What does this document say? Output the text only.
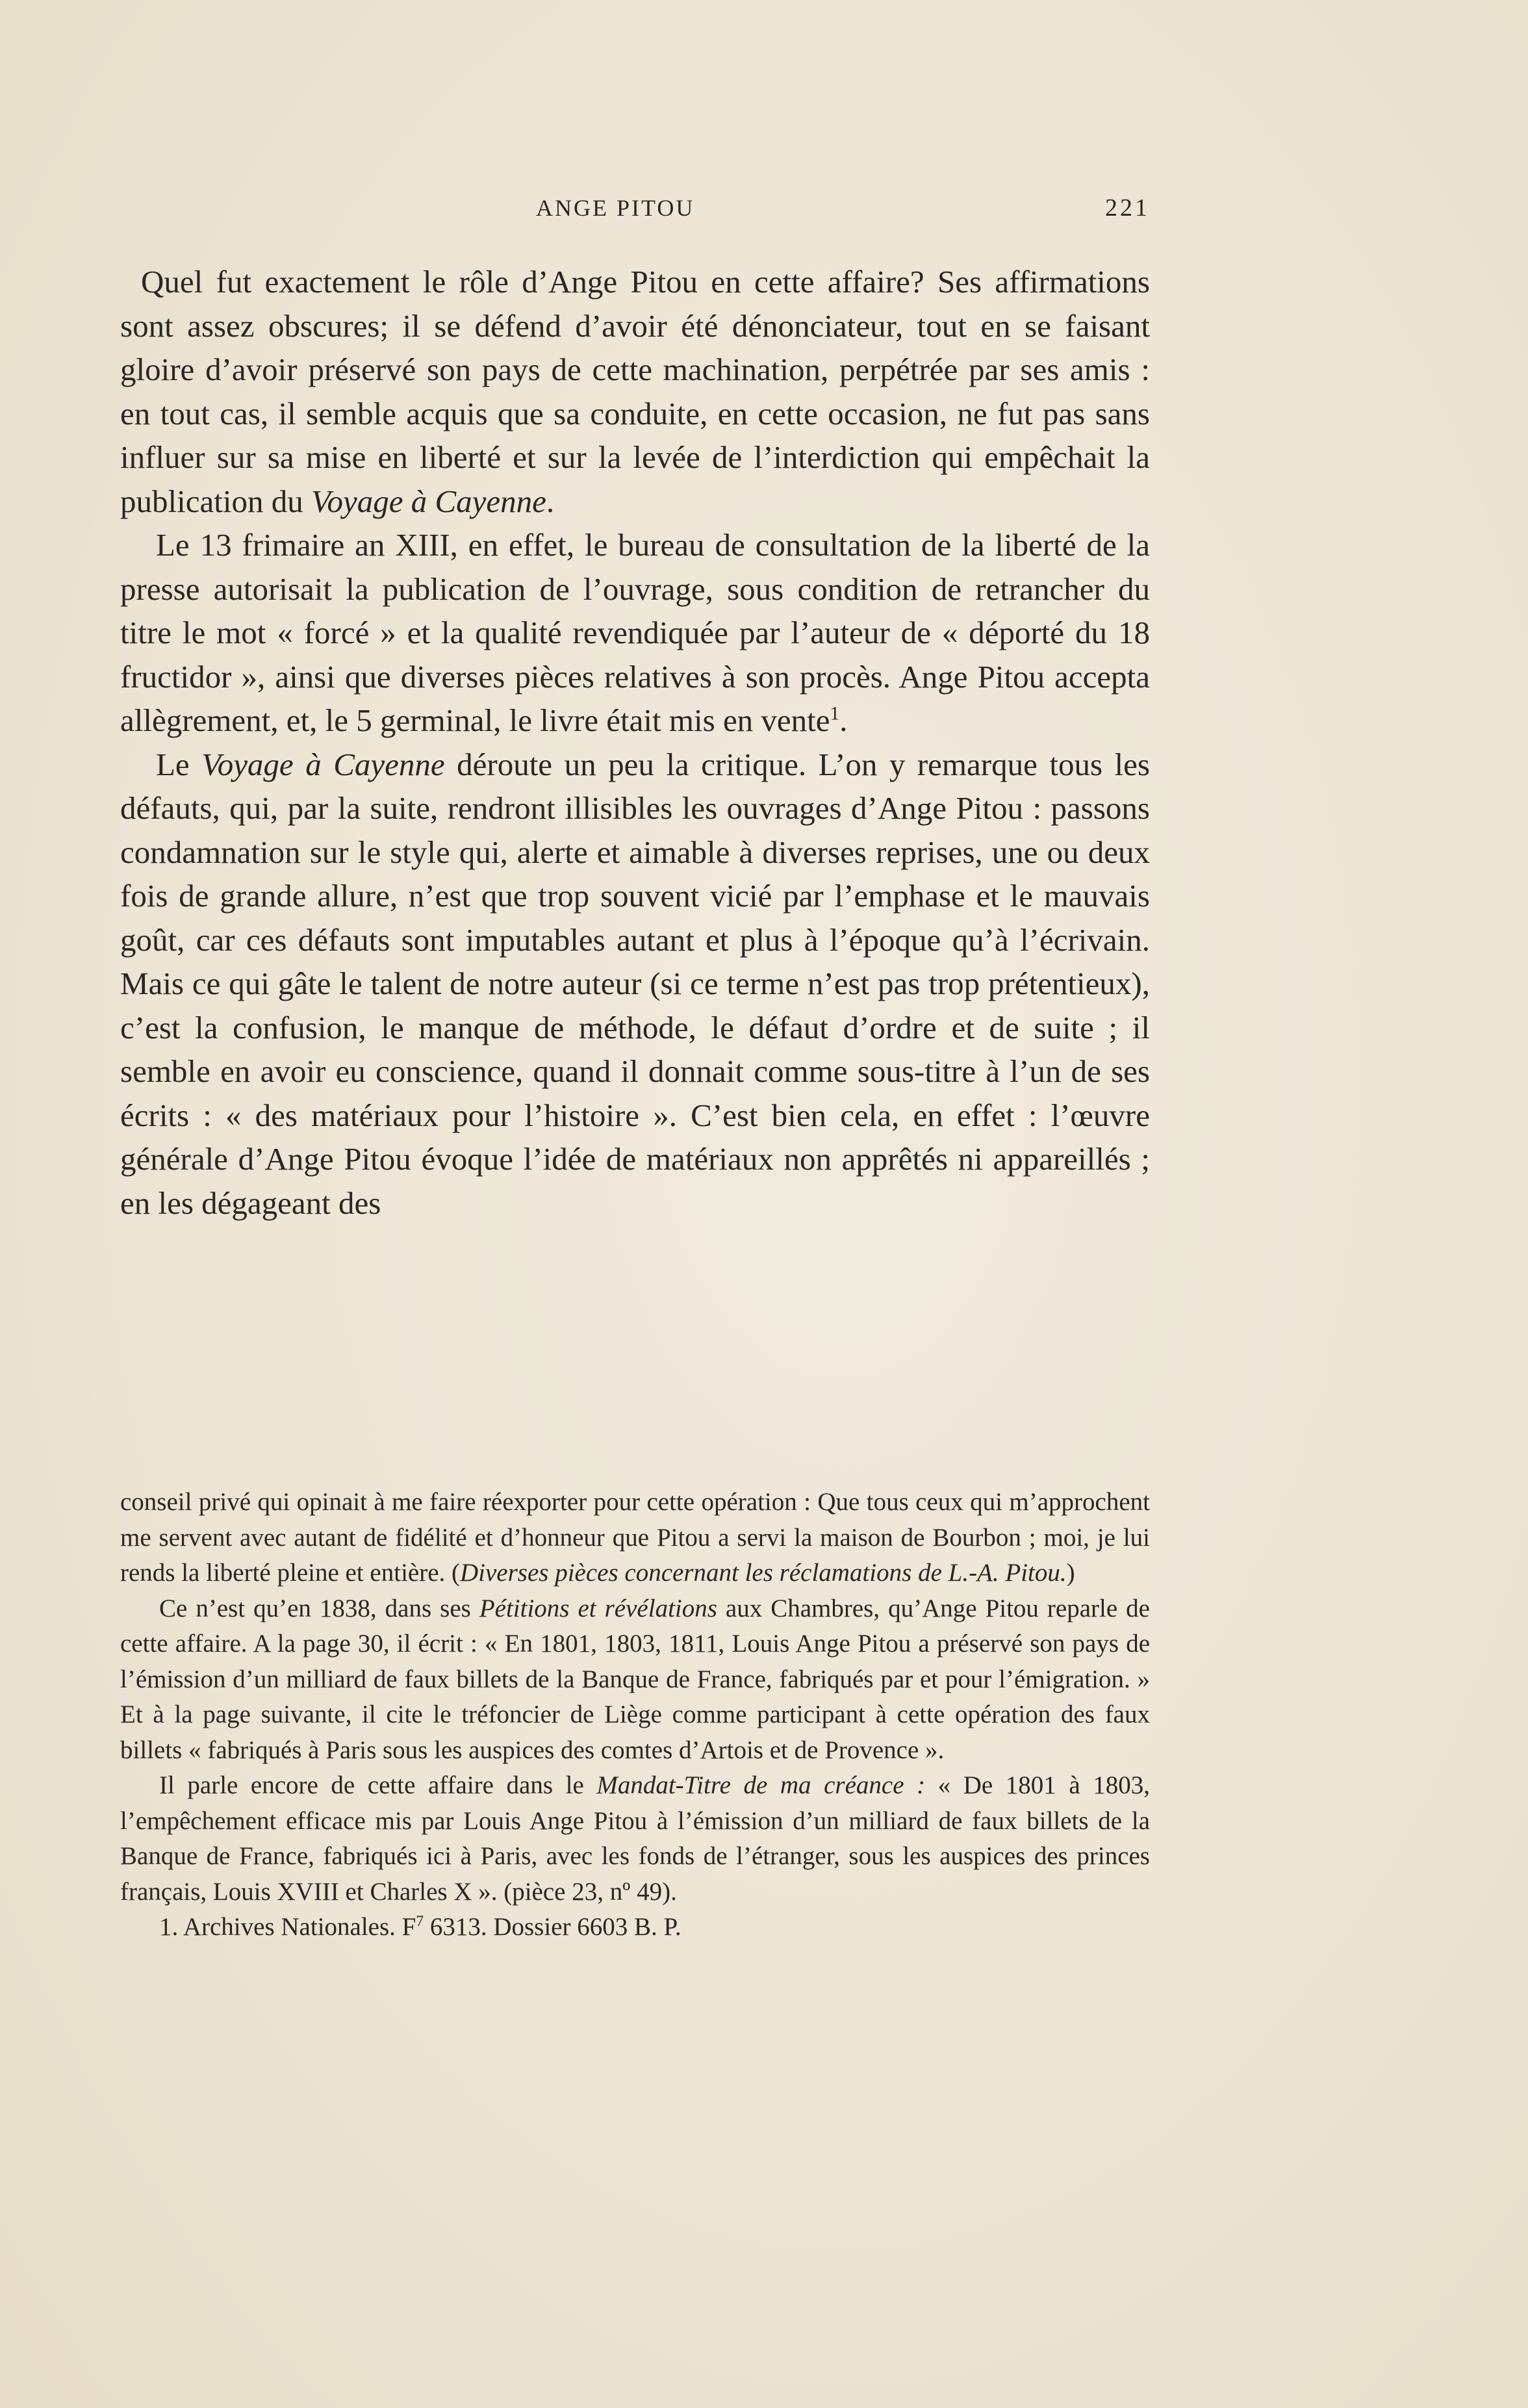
ANGE PITOU	221

Quel fut exactement le rôle d’Ange Pitou en cette affaire? Ses affirmations sont assez obscures; il se défend d’avoir été dénonciateur, tout en se faisant gloire d’avoir préservé son pays de cette machination, perpétrée par ses amis : en tout cas, il semble acquis que sa conduite, en cette occasion, ne fut pas sans influer sur sa mise en liberté et sur la levée de l’interdiction qui empêchait la publication du Voyage à Cayenne.

Le 13 frimaire an XIII, en effet, le bureau de consultation de la liberté de la presse autorisait la publication de l’ouvrage, sous condition de retrancher du titre le mot « forcé » et la qualité revendiquée par l’auteur de « déporté du 18 fructidor », ainsi que diverses pièces relatives à son procès. Ange Pitou accepta allègrement, et, le 5 germinal, le livre était mis en vente$^1$.

Le Voyage à Cayenne déroute un peu la critique. L’on y remarque tous les défauts, qui, par la suite, rendront illisibles les ouvrages d’Ange Pitou : passons condamnation sur le style qui, alerte et aimable à diverses reprises, une ou deux fois de grande allure, n’est que trop souvent vicié par l’emphase et le mauvais goût, car ces défauts sont imputables autant et plus à l’époque qu’à l’écrivain. Mais ce qui gâte le talent de notre auteur (si ce terme n’est pas trop prétentieux), c’est la confusion, le manque de méthode, le défaut d’ordre et de suite ; il semble en avoir eu conscience, quand il donnait comme sous-titre à l’un de ses écrits : « des matériaux pour l’histoire ». C’est bien cela, en effet : l’œuvre générale d’Ange Pitou évoque l’idée de matériaux non apprêtés ni appareillés ; en les dégageant des

conseil privé qui opinait à me faire réexporter pour cette opération : Que tous ceux qui m’approchent me servent avec autant de fidélité et d’honneur que Pitou a servi la maison de Bourbon ; moi, je lui rends la liberté pleine et entière. (Diverses pièces concernant les réclamations de L.-A. Pitou.)

Ce n’est qu’en 1838, dans ses Pétitions et révélations aux Chambres, qu’Ange Pitou reparle de cette affaire. A la page 30, il écrit : « En 1801, 1803, 1811, Louis Ange Pitou a préservé son pays de l’émission d’un milliard de faux billets de la Banque de France, fabriqués par et pour l’émigration. » Et à la page suivante, il cite le tréfoncier de Liège comme participant à cette opération des faux billets « fabriqués à Paris sous les auspices des comtes d’Artois et de Provence ».

Il parle encore de cette affaire dans le Mandat-Titre de ma créance : « De 1801 à 1803, l’empêchement efficace mis par Louis Ange Pitou à l’émission d’un milliard de faux billets de la Banque de France, fabriqués ici à Paris, avec les fonds de l’étranger, sous les auspices des princes français, Louis XVIII et Charles X ». (pièce 23, nº 49).

1. Archives Nationales. $F^7$ 6313. Dossier 6603 B. P.
